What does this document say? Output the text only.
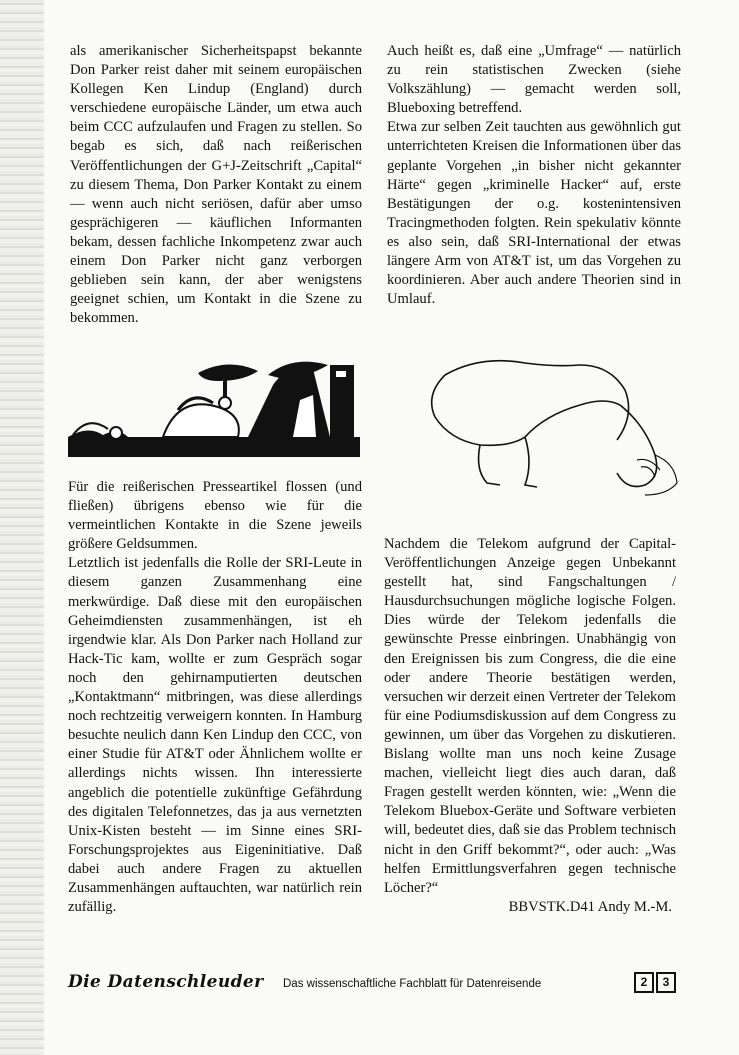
als amerikanischer Sicherheitspapst bekannte Don Parker reist daher mit seinem europäischen Kollegen Ken Lindup (England) durch verschiedene europäische Länder, um etwa auch beim CCC aufzulaufen und Fragen zu stellen. So begab es sich, daß nach reißerischen Veröffentlichungen der G+J-Zeitschrift „Capital“ zu diesem Thema, Don Parker Kontakt zu einem — wenn auch nicht seriösen, dafür aber umso gesprächigeren — käuflichen Informanten bekam, dessen fachliche Inkompetenz zwar auch einem Don Parker nicht ganz verborgen geblieben sein kann, der aber wenigstens geeignet schien, um Kontakt in die Szene zu bekommen.

Für die reißerischen Presseartikel flossen (und fließen) übrigens ebenso wie für die vermeintlichen Kontakte in die Szene jeweils größere Geldsummen.

Letztlich ist jedenfalls die Rolle der SRI-Leute in diesem ganzen Zusammenhang eine merkwürdige. Daß diese mit den europäischen Geheimdiensten zusammenhängen, ist eh irgendwie klar. Als Don Parker nach Holland zur Hack-Tic kam, wollte er zum Gespräch sogar noch den gehirnamputierten deutschen „Kontaktmann“ mitbringen, was diese allerdings noch rechtzeitig verweigern konnten. In Hamburg besuchte neulich dann Ken Lindup den CCC, von einer Studie für AT&T oder Ähnlichem wollte er allerdings nichts wissen. Ihn interessierte angeblich die potentielle zukünftige Gefährdung des digitalen Telefonnetzes, das ja aus vernetzten Unix-Kisten besteht — im Sinne eines SRI-Forschungsprojektes aus Eigeninitiative. Daß dabei auch andere Fragen zu aktuellen Zusammenhängen auftauchten, war natürlich rein zufällig.

Auch heißt es, daß eine „Umfrage“ — natürlich zu rein statistischen Zwecken (siehe Volkszählung) — gemacht werden soll, Blueboxing betreffend.

Etwa zur selben Zeit tauchten aus gewöhnlich gut unterrichteten Kreisen die Informationen über das geplante Vorgehen „in bisher nicht gekannter Härte“ gegen „kriminelle Hacker“ auf, erste Bestätigungen der o.g. kostenintensiven Tracingmethoden folgten. Rein spekulativ könnte es also sein, daß SRI-International der etwas längere Arm von AT&T ist, um das Vorgehen zu koordinieren. Aber auch andere Theorien sind in Umlauf.

Nachdem die Telekom aufgrund der Capital-Veröffentlichungen Anzeige gegen Unbekannt gestellt hat, sind Fangschaltungen / Hausdurchsuchungen mögliche logische Folgen. Dies würde der Telekom jedenfalls die gewünschte Presse einbringen. Unabhängig von den Ereignissen bis zum Congress, die die eine oder andere Theorie bestätigen werden, versuchen wir derzeit einen Vertreter der Telekom für eine Podiumsdiskussion auf dem Congress zu gewinnen, um über das Vorgehen zu diskutieren. Bislang wollte man uns noch keine Zusage machen, vielleicht liegt dies auch daran, daß Fragen gestellt werden könnten, wie: „Wenn die Telekom Bluebox-Geräte und Software verbieten will, bedeutet dies, daß sie das Problem technisch nicht in den Griff bekommt?“, oder auch: „Was helfen Ermittlungsverfahren gegen technische Löcher?“

BBVSTK.D41 Andy M.-M.

Die Datenschleuder Das wissenschaftliche Fachblatt für Datenreisende	2	3
